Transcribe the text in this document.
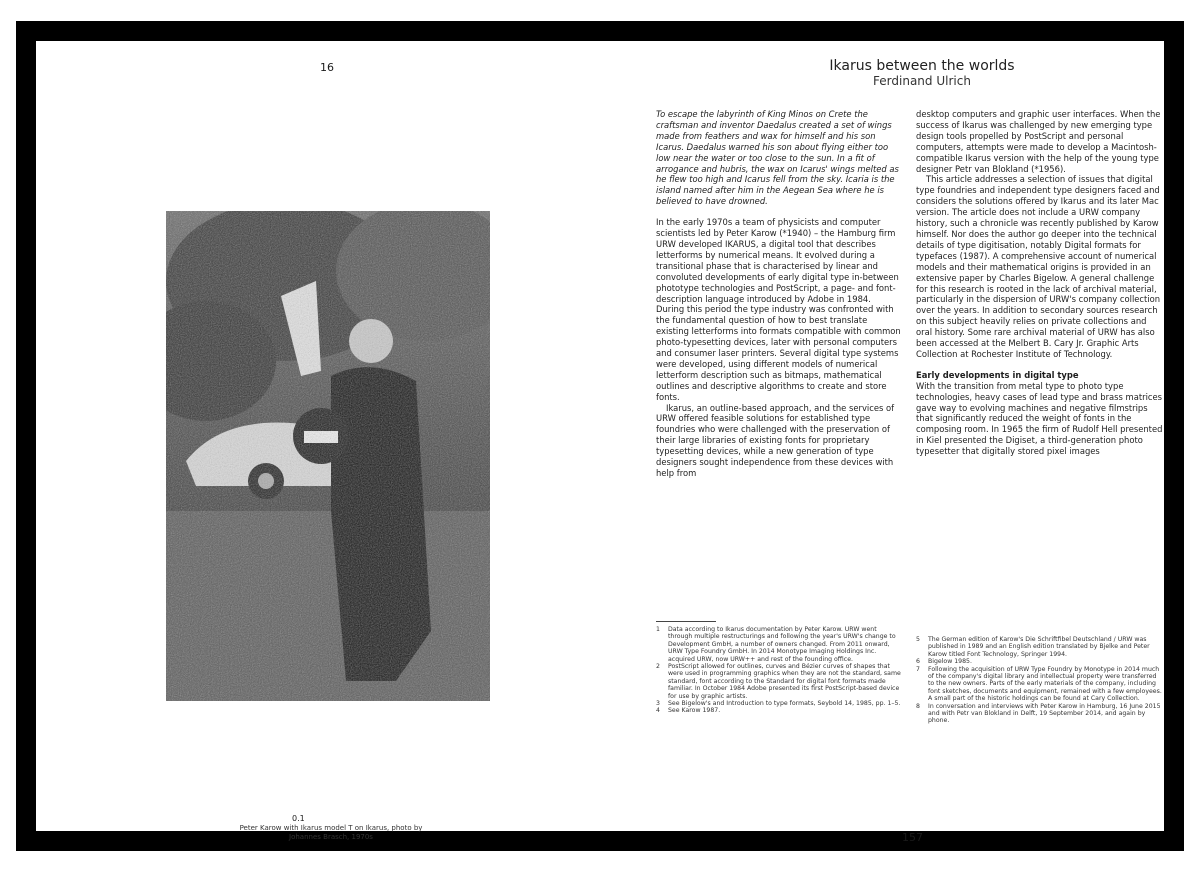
16
0.1
Peter Karow with Ikarus model T on Ikarus, photo by Johannes Brasch, 1970s
Ikarus between the worlds
Ferdinand Ulrich

To escape the labyrinth of King Minos on Crete the craftsman and inventor Daedalus created a set of wings made from feathers and wax for himself and his son Icarus. Daedalus warned his son about flying either too low near the water or too close to the sun. In a fit of arrogance and hubris, the wax on Icarus' wings melted as he flew too high and Icarus fell from the sky. Icaria is the island named after him in the Aegean Sea where he is believed to have drowned.

In the early 1970s a team of physicists and computer scientists led by Peter Karow (*1940) – the Hamburg firm URW developed IKARUS, a digital tool that describes letterforms by numerical means. It evolved during a transitional phase that is characterised by linear and convoluted developments of early digital type in-between phototype technologies and PostScript, a page- and font-description language introduced by Adobe in 1984. During this period the type industry was confronted with the fundamental question of how to best translate existing letterforms into formats compatible with common photo-typesetting devices, later with personal computers and consumer laser printers. Several digital type systems were developed, using different models of numerical letterform description such as bitmaps, mathematical outlines and descriptive algorithms to create and store fonts.

Ikarus, an outline-based approach, and the services of URW offered feasible solutions for established type foundries who were challenged with the preservation of their large libraries of existing fonts for proprietary typesetting devices, while a new generation of type designers sought independence from these devices with help from

desktop computers and graphic user interfaces. When the success of Ikarus was challenged by new emerging type design tools propelled by PostScript and personal computers, attempts were made to develop a Macintosh-compatible Ikarus version with the help of the young type designer Petr van Blokland (*1956).

This article addresses a selection of issues that digital type foundries and independent type designers faced and considers the solutions offered by Ikarus and its later Mac version. The article does not include a URW company history, such a chronicle was recently published by Karow himself. Nor does the author go deeper into the technical details of type digitisation, notably Digital formats for typefaces (1987). A comprehensive account of numerical models and their mathematical origins is provided in an extensive paper by Charles Bigelow. A general challenge for this research is rooted in the lack of archival material, particularly in the dispersion of URW's company collection over the years. In addition to secondary sources research on this subject heavily relies on private collections and oral history. Some rare archival material of URW has also been accessed at the Melbert B. Cary Jr. Graphic Arts Collection at Rochester Institute of Technology.

Early developments in digital type

With the transition from metal type to photo type technologies, heavy cases of lead type and brass matrices gave way to evolving machines and negative filmstrips that significantly reduced the weight of fonts in the composing room. In 1965 the firm of Rudolf Hell presented in Kiel presented the Digiset, a third-generation photo typesetter that digitally stored pixel images

1	Data according to Ikarus documentation by Peter Karow. URW went through multiple restructurings and following the year's URW's change to Development GmbH, a number of owners changed. From 2011 onward, URW Type Foundry GmbH. In 2014 Monotype Imaging Holdings Inc. acquired URW, now URW++ and rest of the founding office.
2	PostScript allowed for outlines, curves and Bézier curves of shapes that were used in programming graphics when they are not the standard, same standard, font according to the Standard for digital font formats made familiar. In October 1984 Adobe presented its first PostScript-based device for use by graphic artists.
3	See Bigelow's and Introduction to type formats, Seybold 14, 1985, pp. 1–5.
4	See Karow 1987.
5	The German edition of Karow's Die Schriftfibel Deutschland / URW was published in 1989 and an English edition translated by Bjelke and Peter Karow titled Font Technology, Springer 1994.
6	Bigelow 1985.
7	Following the acquisition of URW Type Foundry by Monotype in 2014 much of the company's digital library and intellectual property were transferred to the new owners. Parts of the early materials of the company, including font sketches, documents and equipment, remained with a few employees. A small part of the historic holdings can be found at Cary Collection.
8	In conversation and interviews with Peter Karow in Hamburg, 16 June 2015 and with Petr van Blokland in Delft, 19 September 2014, and again by phone.
157
